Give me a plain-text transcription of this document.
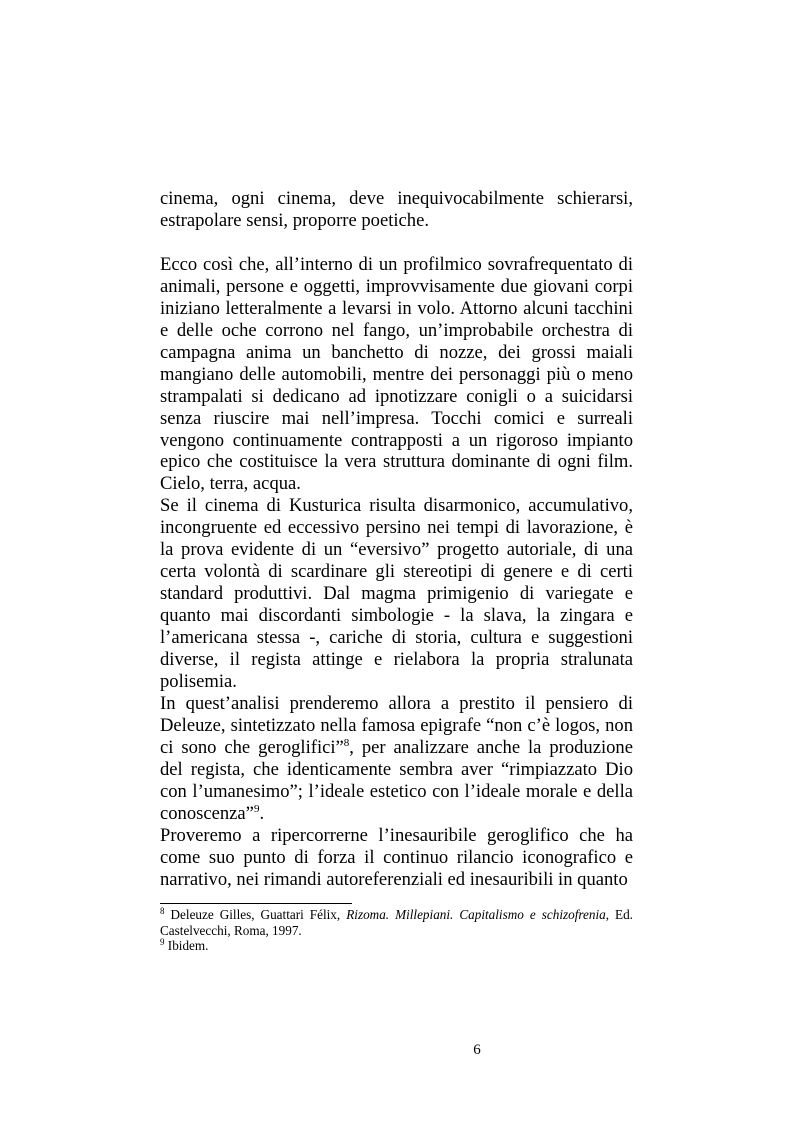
cinema, ogni cinema, deve inequivocabilmente schierarsi, estrapolare sensi, proporre poetiche.

Ecco così che, all’interno di un profilmico sovrafrequentato di animali, persone e oggetti, improvvisamente due giovani corpi iniziano letteralmente a levarsi in volo. Attorno alcuni tacchini e delle oche corrono nel fango, un’improbabile orchestra di campagna anima un banchetto di nozze, dei grossi maiali mangiano delle automobili, mentre dei personaggi più o meno strampalati si dedicano ad ipnotizzare conigli o a suicidarsi senza riuscire mai nell’impresa. Tocchi comici e surreali vengono continuamente contrapposti a un rigoroso impianto epico che costituisce la vera struttura dominante di ogni film. Cielo, terra, acqua.

Se il cinema di Kusturica risulta disarmonico, accumulativo, incongruente ed eccessivo persino nei tempi di lavorazione, è la prova evidente di un “eversivo” progetto autoriale, di una certa volontà di scardinare gli stereotipi di genere e di certi standard produttivi. Dal magma primigenio di variegate e quanto mai discordanti simbologie - la slava, la zingara e l’americana stessa -, cariche di storia, cultura e suggestioni diverse, il regista attinge e rielabora la propria stralunata polisemia.

In quest’analisi prenderemo allora a prestito il pensiero di Deleuze, sintetizzato nella famosa epigrafe “non c’è logos, non ci sono che geroglifici”$^8$, per analizzare anche la produzione del regista, che identicamente sembra aver “rimpiazzato Dio con l’umanesimo”; l’ideale estetico con l’ideale morale e della conoscenza”$^9$.

Proveremo a ripercorrerne l’inesauribile geroglifico che ha come suo punto di forza il continuo rilancio iconografico e narrativo, nei rimandi autoreferenziali ed inesauribili in quanto

$^8$ Deleuze Gilles, Guattari Félix, Rizoma. Millepiani. Capitalismo e schizofrenia, Ed. Castelvecchi, Roma, 1997.

$^9$ Ibidem.

6
